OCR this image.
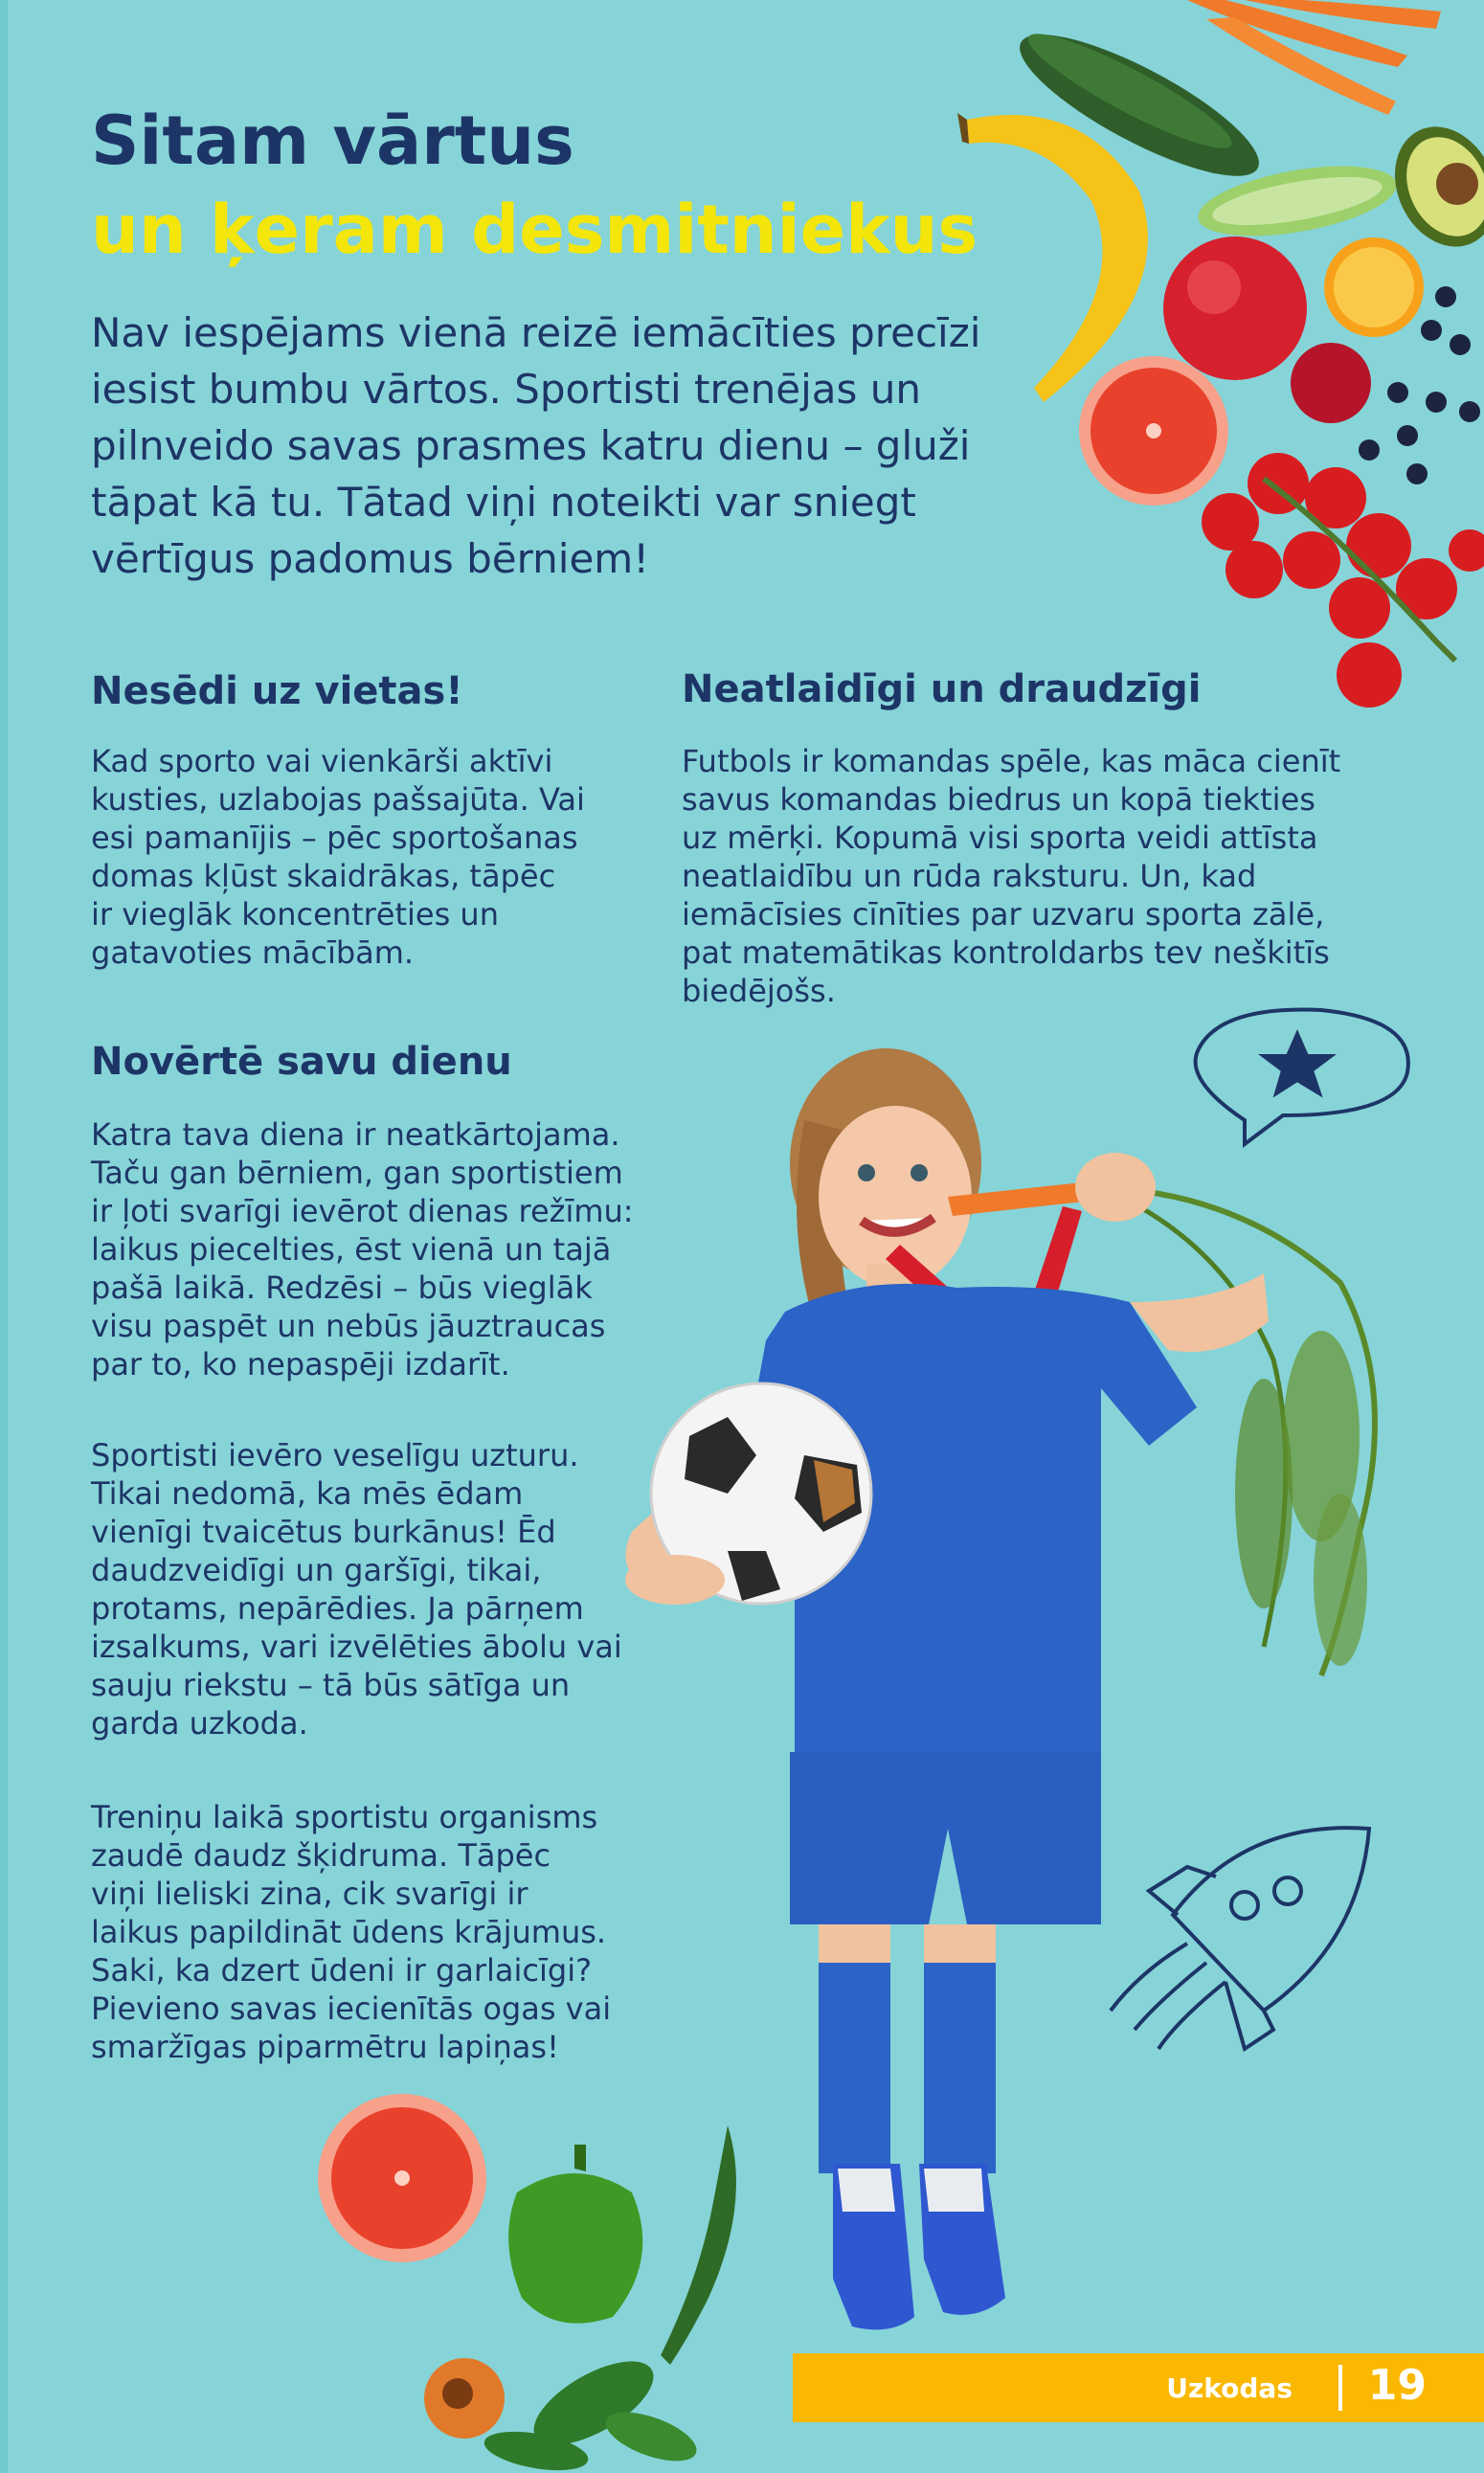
Sitam vārtus
un ķeram desmitniekus

Nav iespējams vienā reizē iemācīties precīzi
iesist bumbu vārtos. Sportisti trenējas un
pilnveido savas prasmes katru dienu – gluži
tāpat kā tu. Tātad viņi noteikti var sniegt
vērtīgus padomus bērniem!

Nesēdi uz vietas!

Kad sporto vai vienkārši aktīvi
kusties, uzlabojas pašsajūta. Vai
esi pamanījis – pēc sportošanas
domas kļūst skaidrākas, tāpēc
ir vieglāk koncentrēties un
gatavoties mācībām.

Neatlaidīgi un draudzīgi

Futbols ir komandas spēle, kas māca cienīt
savus komandas biedrus un kopā tiekties
uz mērķi. Kopumā visi sporta veidi attīsta
neatlaidību un rūda raksturu. Un, kad
iemācīsies cīnīties par uzvaru sporta zālē,
pat matemātikas kontroldarbs tev neškitīs
biedējošs.

Novērtē savu dienu

Katra tava diena ir neatkārtojama.
Taču gan bērniem, gan sportistiem
ir ļoti svarīgi ievērot dienas režīmu:
laikus piecelties, ēst vienā un tajā
pašā laikā. Redzēsi – būs vieglāk
visu paspēt un nebūs jāuztraucas
par to, ko nepaspēji izdarīt.

Sportisti ievēro veselīgu uzturu.
Tikai nedomā, ka mēs ēdam
vienīgi tvaicētus burkānus! Ēd
daudzveidīgi un garšīgi, tikai,
protams, nepārēdies. Ja pārņem
izsalkums, vari izvēlēties ābolu vai
sauju riekstu – tā būs sātīga un
garda uzkoda.

Treniņu laikā sportistu organisms
zaudē daudz šķidruma. Tāpēc
viņi lieliski zina, cik svarīgi ir
laikus papildināt ūdens krājumus.
Saki, ka dzert ūdeni ir garlaicīgi?
Pievieno savas iecienītās ogas vai
smaržīgas piparmētru lapiņas!

Uzkodas 19
